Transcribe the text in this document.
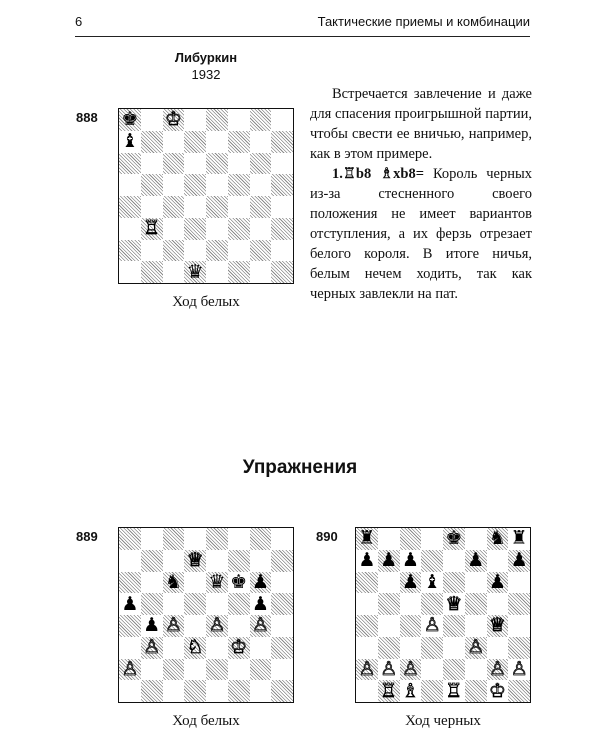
6	Тактические приемы и комбинации
Либуркин
1932
888 ♚ ♔
♝
♖
♛
Ход белых

Встречается завлечение и даже для спасения проигрышной партии, чтобы свести ее вничью, например, как в этом примере.

1.♖b8 ♗xb8= Король черных из-за стесненного своего положения не имеет вариантов отступления, а их ферзь отрезает белого короля. В итоге ничья, белым нечем ходить, так как черных завлекли на пат.

Упражнения
889
♕
♞ ♛ ♚ ♟
♟	♟
♟ ♙ ♙ ♙
♙ ♘ ♔
♙
Ход белых
890 ♜	♚ ♞ ♜
♟ ♟ ♟	♟ ♟
♟ ♝	♟
♕
♙	♕
♙
♙ ♙ ♙	♙ ♙
♖ ♗ ♖ ♔
Ход черных
